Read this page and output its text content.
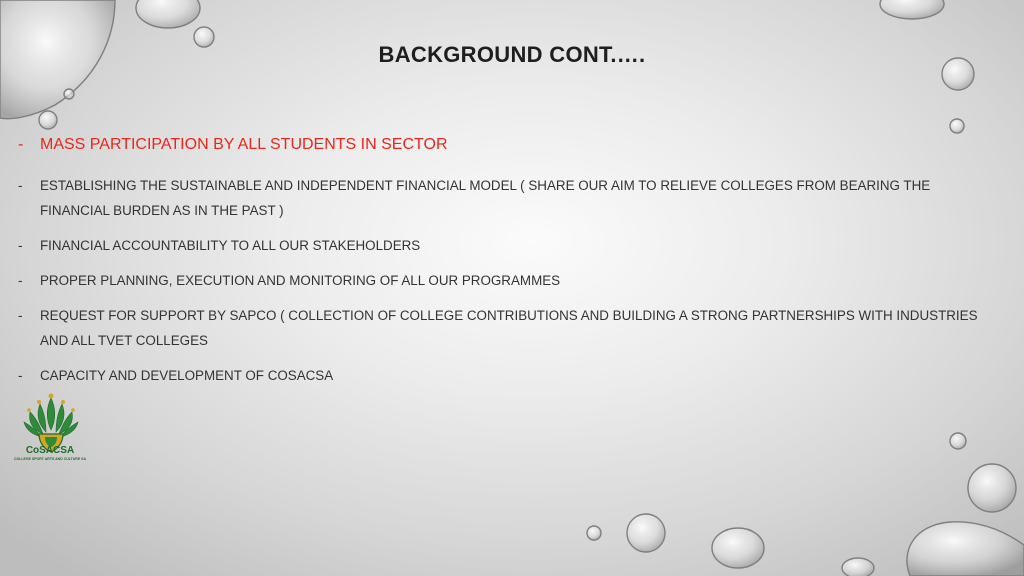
BACKGROUND CONT.….
-	MASS PARTICIPATION BY ALL STUDENTS IN SECTOR
-	ESTABLISHING THE SUSTAINABLE AND INDEPENDENT FINANCIAL MODEL ( SHARE OUR AIM TO RELIEVE COLLEGES FROM BEARING THE FINANCIAL BURDEN AS IN THE PAST )
-	FINANCIAL ACCOUNTABILITY TO ALL OUR STAKEHOLDERS
-	PROPER PLANNING, EXECUTION AND MONITORING OF ALL OUR PROGRAMMES
-	REQUEST FOR SUPPORT BY SAPCO ( COLLECTION OF COLLEGE CONTRIBUTIONS AND BUILDING A STRONG PARTNERSHIPS WITH INDUSTRIES AND ALL TVET COLLEGES
-	CAPACITY AND DEVELOPMENT OF COSACSA
CoSACSA
COLLEGE SPORT ARTS AND CULTURE SA
